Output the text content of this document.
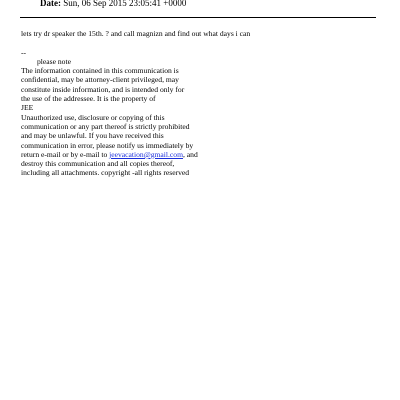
Date: Sun, 06 Sep 2015 23:05:41 +0000
lets try dr speaker the 15th. ? and call magnizn and find out what days i can
--
please note
The information contained in this communication is
confidential, may be attorney-client privileged, may
constitute inside information, and is intended only for
the use of the addressee. It is the property of
JEE
Unauthorized use, disclosure or copying of this
communication or any part thereof is strictly prohibited
and may be unlawful. If you have received this
communication in error, please notify us immediately by
return e-mail or by e-mail to jeevacation@gmail.com, and
destroy this communication and all copies thereof,
including all attachments. copyright -all rights reserved
